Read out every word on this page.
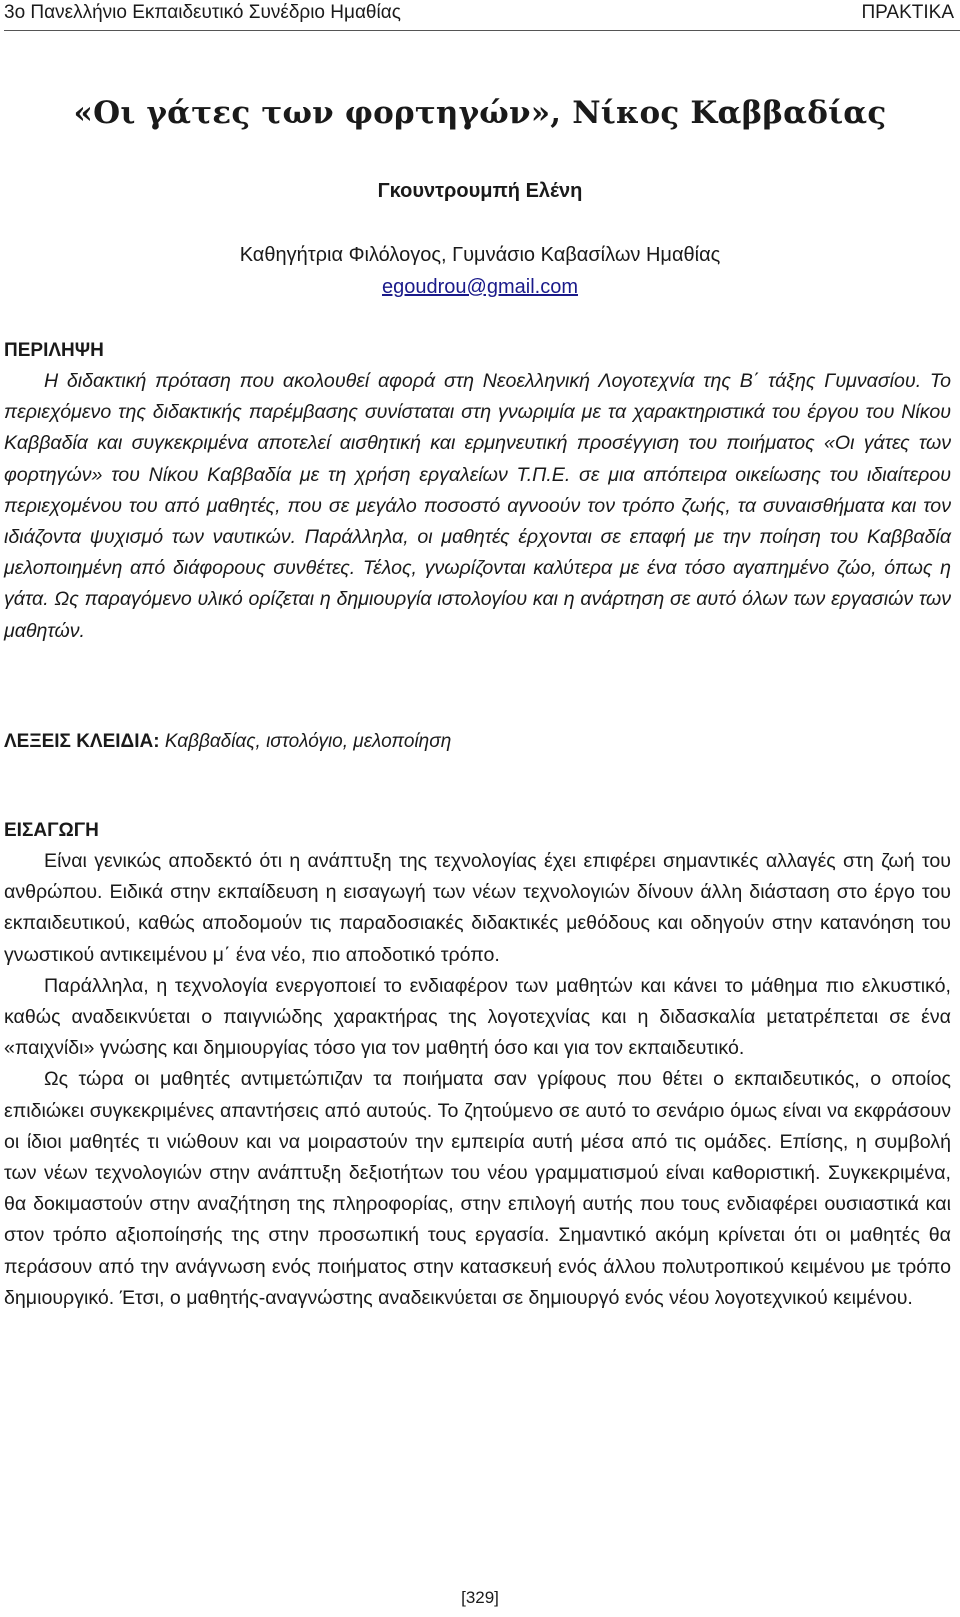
3ο Πανελλήνιο Εκπαιδευτικό Συνέδριο Ημαθίας	ΠΡΑΚΤΙΚΑ
«Οι γάτες των φορτηγών», Νίκος Καββαδίας
Γκουντρουμπή Ελένη
Καθηγήτρια Φιλόλογος, Γυμνάσιο Καβασίλων Ημαθίας
egoudrou@gmail.com
ΠΕΡΙΛΗΨΗ

Η διδακτική πρόταση που ακολουθεί αφορά στη Νεοελληνική Λογοτεχνία της Β΄ τάξης Γυμνασίου. Το περιεχόμενο της διδακτικής παρέμβασης συνίσταται στη γνωριμία με τα χαρακτηριστικά του έργου του Νίκου Καββαδία και συγκεκριμένα αποτελεί αισθητική και ερμηνευτική προσέγγιση του ποιήματος «Οι γάτες των φορτηγών» του Νίκου Καββαδία με τη χρήση εργαλείων Τ.Π.Ε. σε μια απόπειρα οικείωσης του ιδιαίτερου περιεχομένου του από μαθητές, που σε μεγάλο ποσοστό αγνοούν τον τρόπο ζωής, τα συναισθήματα και τον ιδιάζοντα ψυχισμό των ναυτικών. Παράλληλα, οι μαθητές έρχονται σε επαφή με την ποίηση του Καββαδία μελοποιημένη από διάφορους συνθέτες. Τέλος, γνωρίζονται καλύτερα με ένα τόσο αγαπημένο ζώο, όπως η γάτα. Ως παραγόμενο υλικό ορίζεται η δημιουργία ιστολογίου και η ανάρτηση σε αυτό όλων των εργασιών των μαθητών.

ΛΕΞΕΙΣ ΚΛΕΙΔΙΑ: Καββαδίας, ιστολόγιο, μελοποίηση
ΕΙΣΑΓΩΓΗ

Είναι γενικώς αποδεκτό ότι η ανάπτυξη της τεχνολογίας έχει επιφέρει σημαντικές αλλαγές στη ζωή του ανθρώπου. Ειδικά στην εκπαίδευση η εισαγωγή των νέων τεχνολογιών δίνουν άλλη διάσταση στο έργο του εκπαιδευτικού, καθώς αποδομούν τις παραδοσιακές διδακτικές μεθόδους και οδηγούν στην κατανόηση του γνωστικού αντικειμένου μ΄ ένα νέο, πιο αποδοτικό τρόπο.

Παράλληλα, η τεχνολογία ενεργοποιεί το ενδιαφέρον των μαθητών και κάνει το μάθημα πιο ελκυστικό, καθώς αναδεικνύεται ο παιγνιώδης χαρακτήρας της λογοτεχνίας και η διδασκαλία μετατρέπεται σε ένα «παιχνίδι» γνώσης και δημιουργίας τόσο για τον μαθητή όσο και για τον εκπαιδευτικό.

Ως τώρα οι μαθητές αντιμετώπιζαν τα ποιήματα σαν γρίφους που θέτει ο εκπαιδευτικός, ο οποίος επιδιώκει συγκεκριμένες απαντήσεις από αυτούς. Το ζητούμενο σε αυτό το σενάριο όμως είναι να εκφράσουν οι ίδιοι μαθητές τι νιώθουν και να μοιραστούν την εμπειρία αυτή μέσα από τις ομάδες. Επίσης, η συμβολή των νέων τεχνολογιών στην ανάπτυξη δεξιοτήτων του νέου γραμματισμού είναι καθοριστική. Συγκεκριμένα, θα δοκιμαστούν στην αναζήτηση της πληροφορίας, στην επιλογή αυτής που τους ενδιαφέρει ουσιαστικά και στον τρόπο αξιοποίησής της στην προσωπική τους εργασία. Σημαντικό ακόμη κρίνεται ότι οι μαθητές θα περάσουν από την ανάγνωση ενός ποιήματος στην κατασκευή ενός άλλου πολυτροπικού κειμένου με τρόπο δημιουργικό. Έτσι, ο μαθητής-αναγνώστης αναδεικνύεται σε δημιουργό ενός νέου λογοτεχνικού κειμένου.

[329]
